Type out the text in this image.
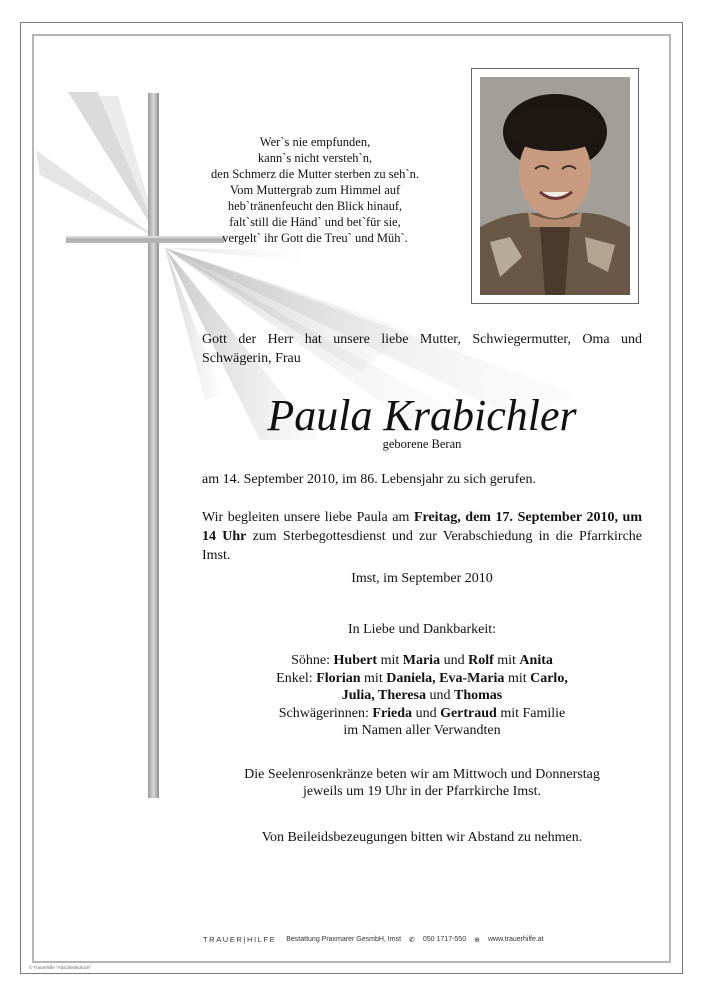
Wer`s nie empfunden,
kann`s nicht versteh`n,
den Schmerz die Mutter sterben zu seh`n.
Vom Muttergrab zum Himmel auf
heb`tränenfeucht den Blick hinauf,
falt`still die Händ` und bet`für sie,
vergelt` ihr Gott die Treu` und Müh`.
Gott der Herr hat unsere liebe Mutter, Schwiegermutter, Oma und Schwägerin, Frau
Paula Krabichler
geborene Beran
am 14. September 2010, im 86. Lebensjahr zu sich gerufen.
Wir begleiten unsere liebe Paula am Freitag, dem 17. September 2010, um 14 Uhr zum Sterbegottesdienst und zur Verabschiedung in die Pfarrkirche Imst.
Imst, im September 2010
In Liebe und Dankbarkeit:
Söhne: Hubert mit Maria und Rolf mit Anita
Enkel: Florian mit Daniela, Eva-Maria mit Carlo,
Julia, Theresa und Thomas
Schwägerinnen: Frieda und Gertraud mit Familie
im Namen aller Verwandten
Die Seelenrosenkränze beten wir am Mittwoch und Donnerstag
jeweils um 19 Uhr in der Pfarrkirche Imst.
Von Beileidsbezeugungen bitten wir Abstand zu nehmen.
TRAUER|HILFE Bestattung Praxmarer GesmbH, Imst ✆ 050 1717-550 ⊕ www.trauerhilfe.at
© Trauerhilfe "Abschiedsdruck"
